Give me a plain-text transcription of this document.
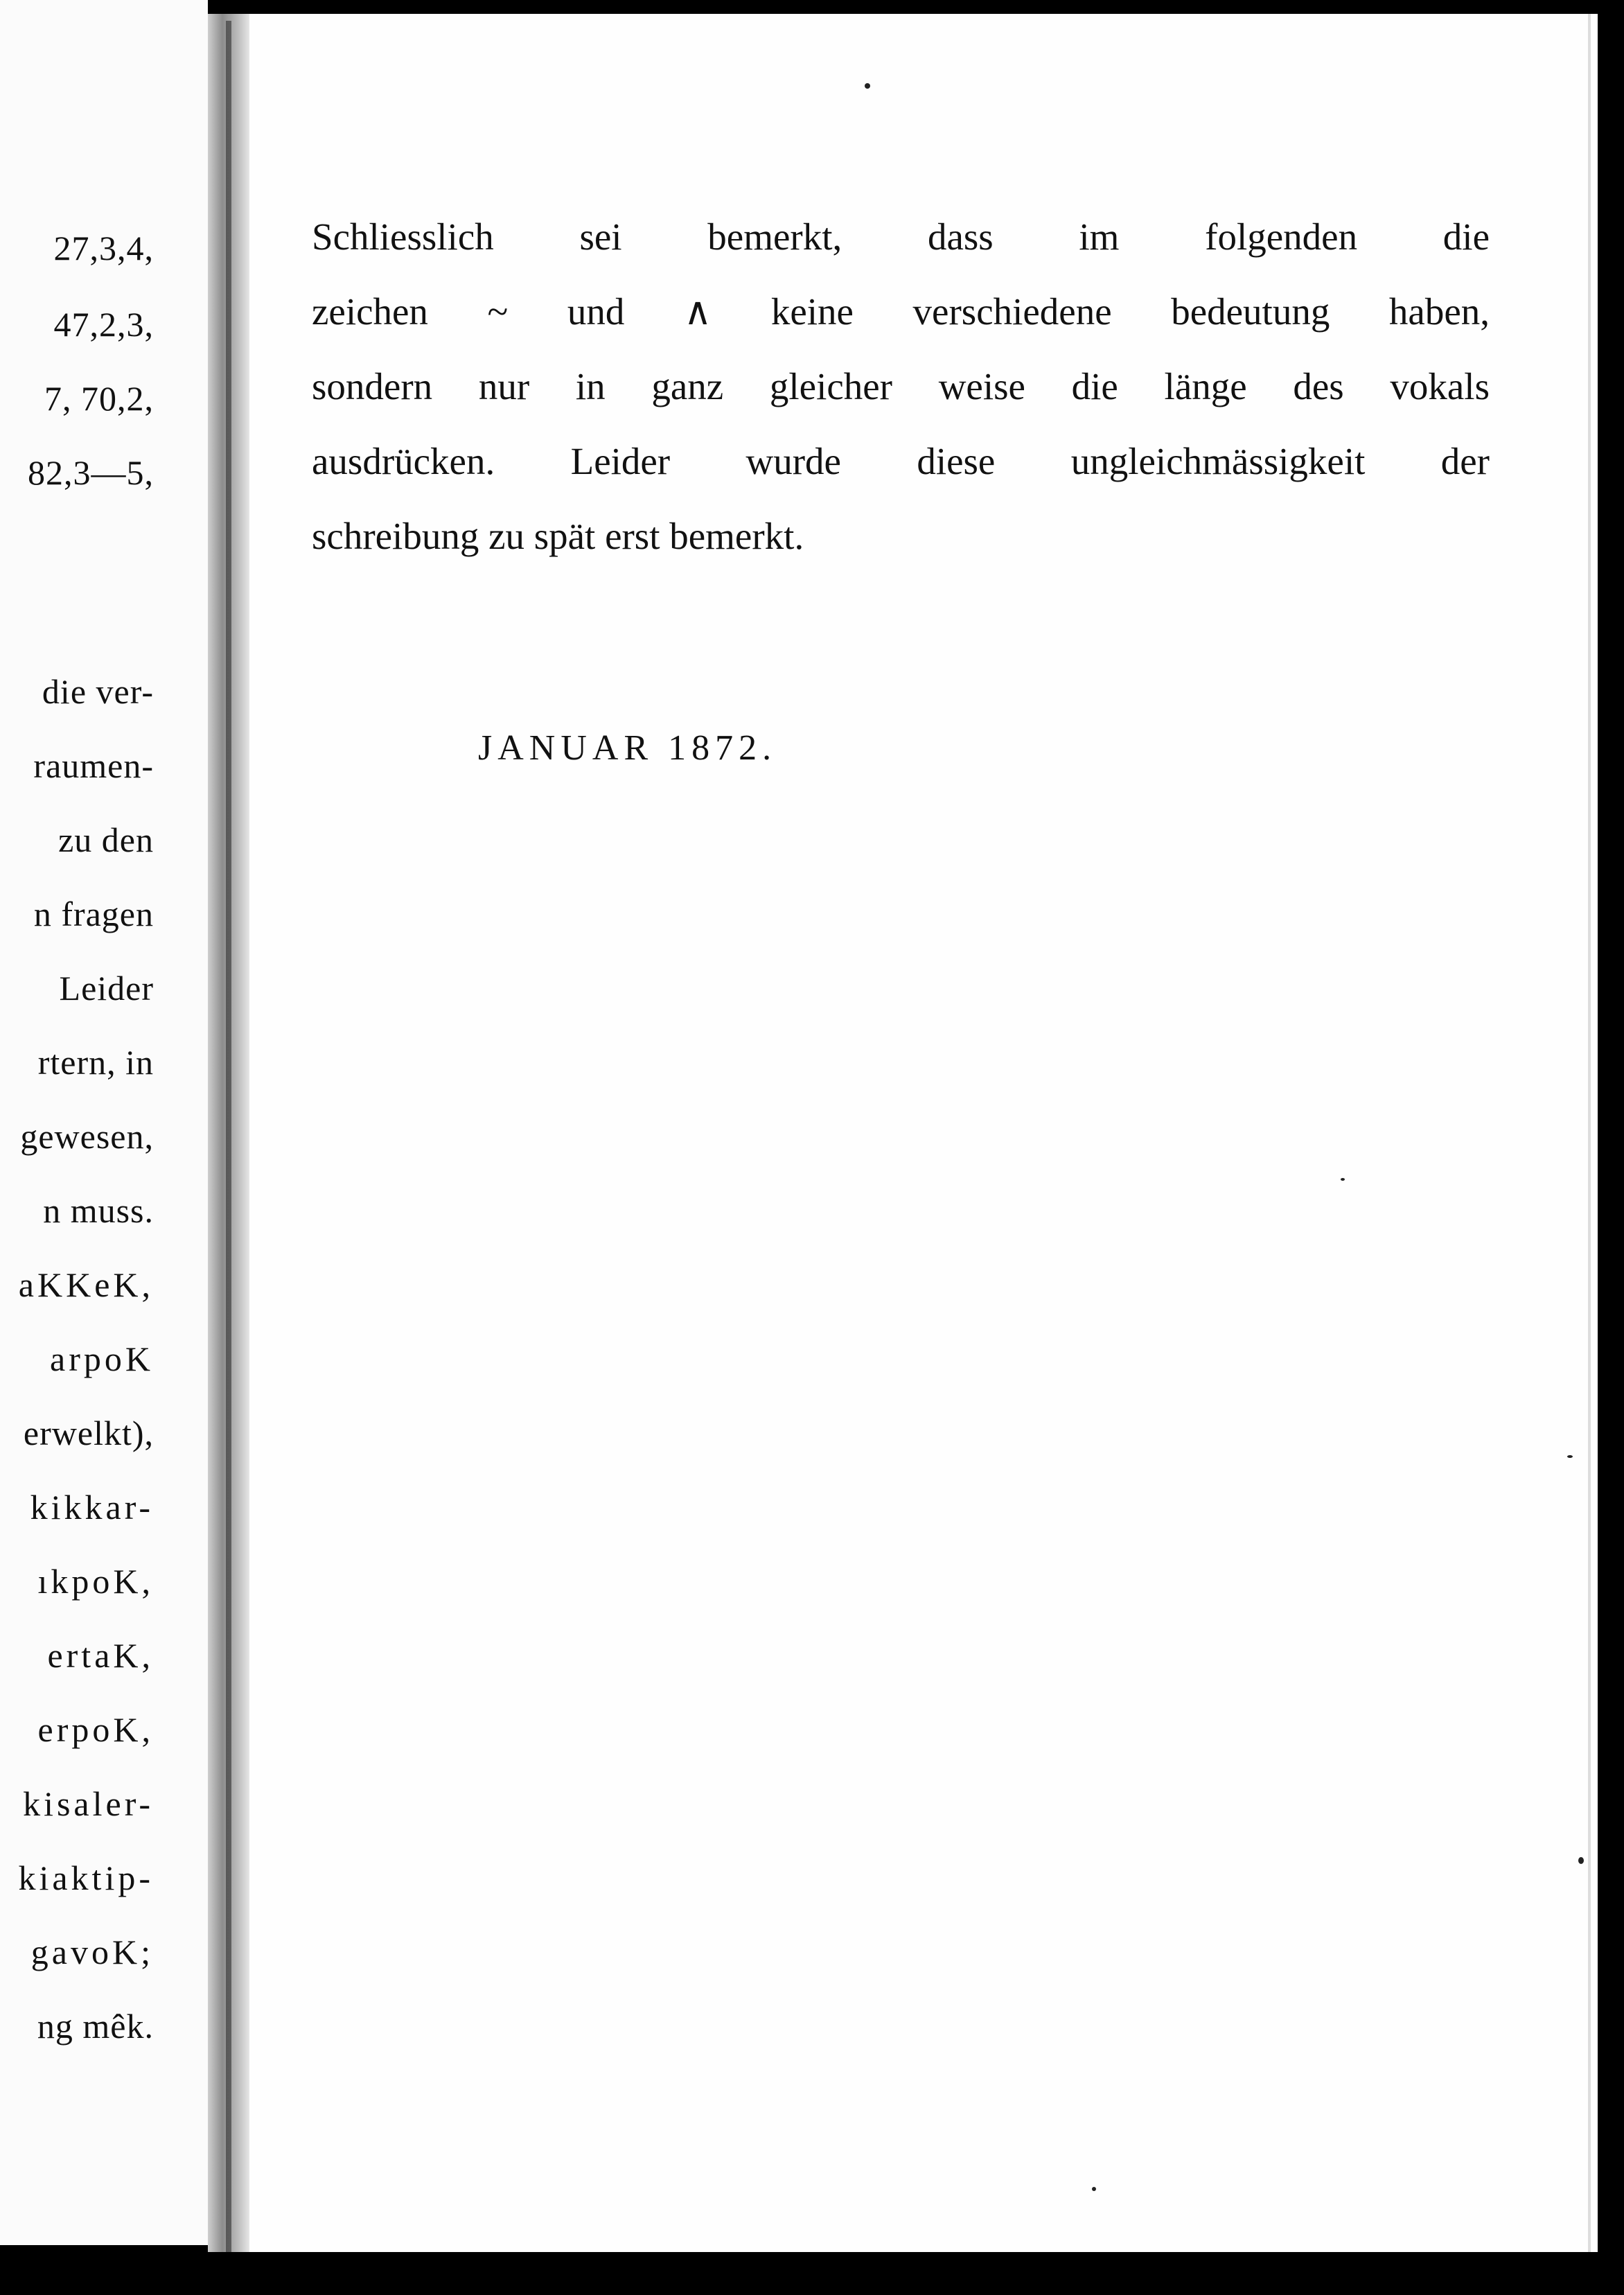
27,3,4,
47,2,3,
7, 70,2,
82,3—5,
die ver-
raumen-
zu den
n fragen
Leider
rtern, in
gewesen,
n muss.
aKKeK,
arpoK
erwelkt),
kikkar-
ıkpoK,
ertaK,
erpoK,
kisaler-
kiaktip-
gavoK;
ng mêk.
Schliesslich sei bemerkt, dass im folgenden die
zeichen ~ und ∧ keine verschiedene bedeutung haben,
sondern nur in ganz gleicher weise die länge des vokals
ausdrücken. Leider wurde diese ungleichmässigkeit der
schreibung zu spät erst bemerkt.
JANUAR 1872.
